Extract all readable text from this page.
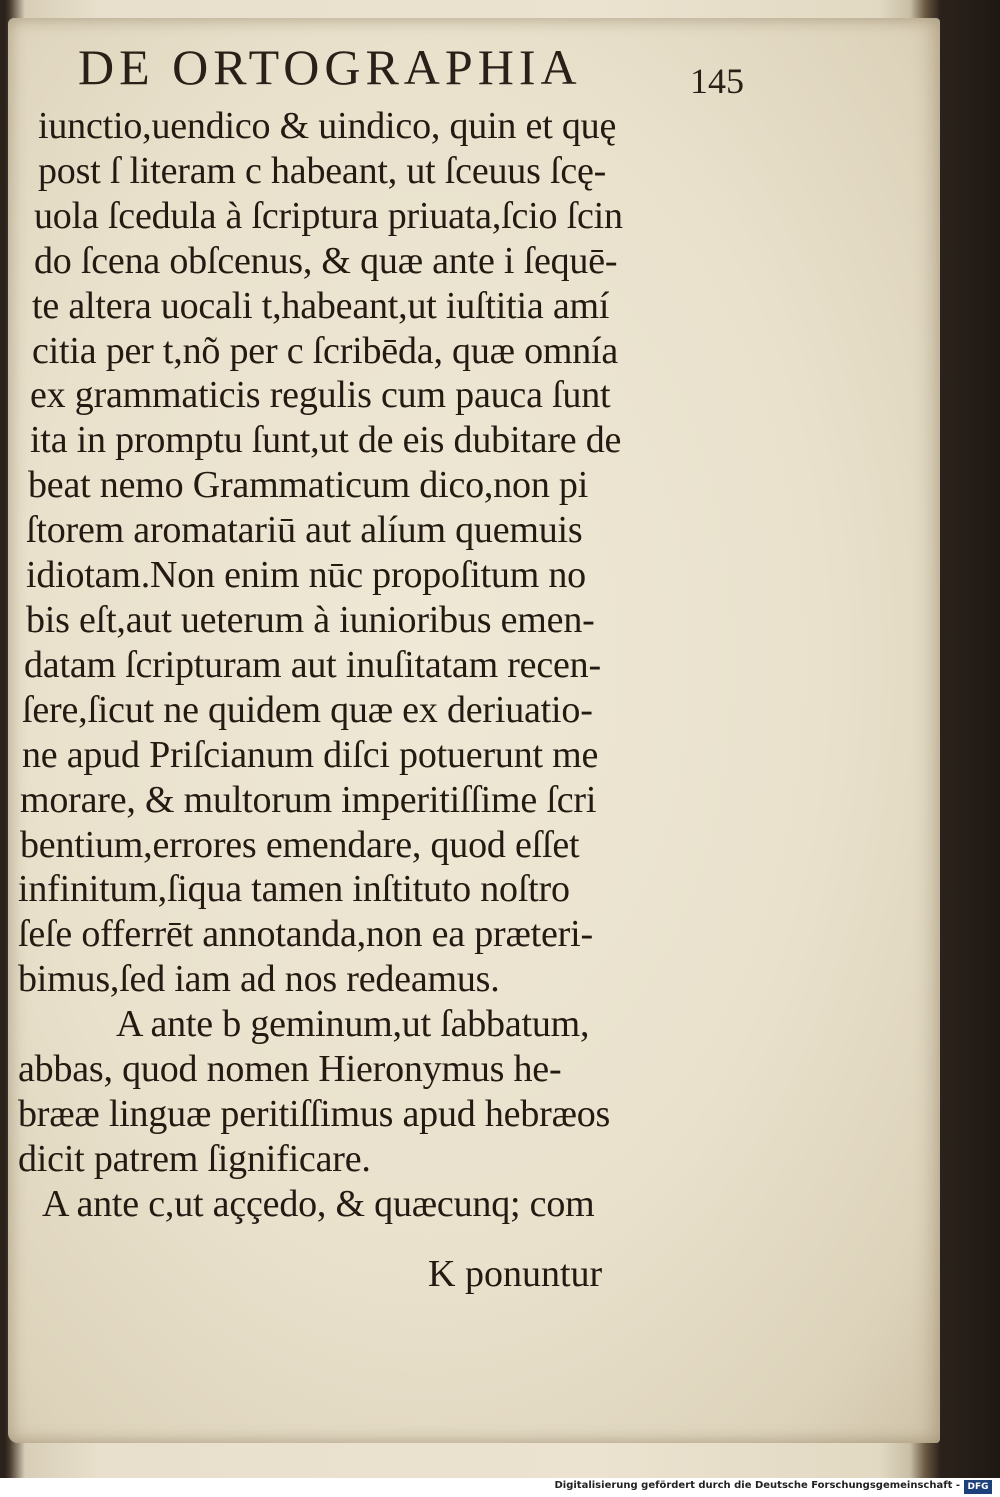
DE ORTOGRAPHIA	145
iunctio,uendico & uindico, quin et quę
post ſ literam c habeant, ut ſceuus ſcę-
uola ſcedula à ſcriptura priuata,ſcio ſcin
do ſcena obſcenus, & quæ ante i ſequē-
te altera uocali t,habeant,ut iuſtitia amí
citia per t,nõ per c ſcribēda, quæ omnía
ex grammaticis regulis cum pauca ſunt
ita in promptu ſunt,ut de eis dubitare de
beat nemo Grammaticum dico,non pi
ſtorem aromatariū aut alíum quemuis
idiotam.Non enim nūc propoſitum no
bis eſt,aut ueterum à iunioribus emen-
datam ſcripturam aut inuſitatam recen-
ſere,ſicut ne quidem quæ ex deriuatio-
ne apud Priſcianum diſci potuerunt me
morare, & multorum imperitiſſime ſcri
bentium,errores emendare, quod eſſet
infinitum,ſiqua tamen inſtituto noſtro
ſeſe offerrēt annotanda,non ea præteri-
bimus,ſed iam ad nos redeamus.
A ante b geminum,ut ſabbatum,
abbas, quod nomen Hieronymus he-
brææ linguæ peritiſſimus apud hebræos
dicit patrem ſignificare.
A ante c,ut aççedo, & quæcunq; com
K ponuntur
Digitalisierung gefördert durch die Deutsche Forschungsgemeinschaft - DFG
